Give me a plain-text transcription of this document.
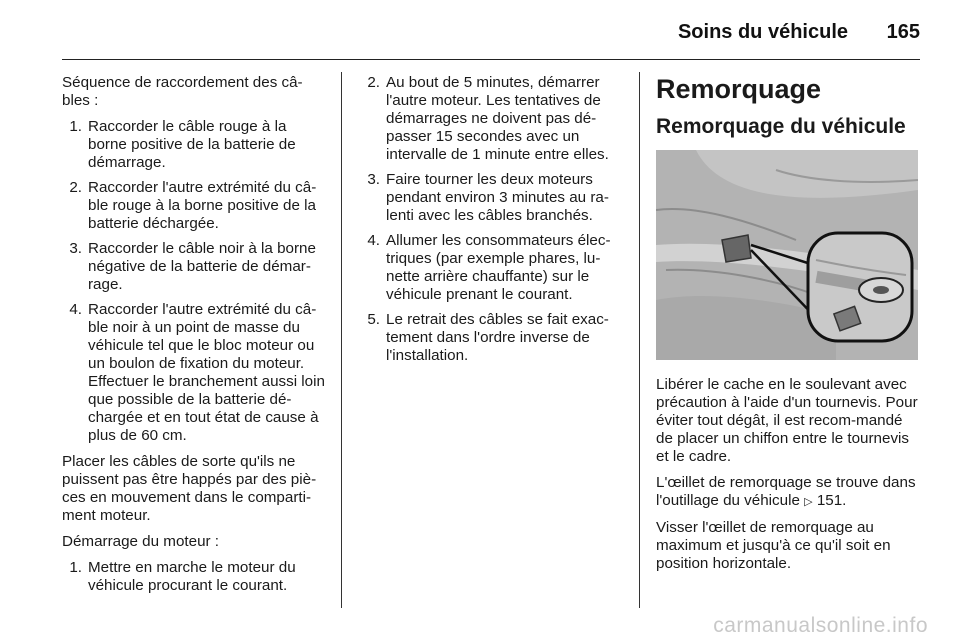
Soins du véhicule 165

Séquence de raccordement des câ-bles :

1. Raccorder le câble rouge à la borne positive de la batterie de démarrage.
2. Raccorder l'autre extrémité du câ-ble rouge à la borne positive de la batterie déchargée.
3. Raccorder le câble noir à la borne négative de la batterie de démar-rage.
4. Raccorder l'autre extrémité du câ-ble noir à un point de masse du véhicule tel que le bloc moteur ou un boulon de fixation du moteur. Effectuer le branchement aussi loin que possible de la batterie dé-chargée et en tout état de cause à plus de 60 cm.

Placer les câbles de sorte qu'ils ne puissent pas être happés par des piè-ces en mouvement dans le comparti-ment moteur.

Démarrage du moteur :

1. Mettre en marche le moteur du véhicule procurant le courant.
2. Au bout de 5 minutes, démarrer l'autre moteur. Les tentatives de démarrages ne doivent pas dé-passer 15 secondes avec un intervalle de 1 minute entre elles.
3. Faire tourner les deux moteurs pendant environ 3 minutes au ra-lenti avec les câbles branchés.
4. Allumer les consommateurs élec-triques (par exemple phares, lu-nette arrière chauffante) sur le véhicule prenant le courant.
5. Le retrait des câbles se fait exac-tement dans l'ordre inverse de l'installation.
Remorquage
Remorquage du véhicule

Libérer le cache en le soulevant avec précaution à l'aide d'un tournevis. Pour éviter tout dégât, il est recom-mandé de placer un chiffon entre le tournevis et le cadre.

L'œillet de remorquage se trouve dans l'outillage du véhicule ▷ 151.

Visser l'œillet de remorquage au maximum et jusqu'à ce qu'il soit en position horizontale.

carmanualsonline.info
